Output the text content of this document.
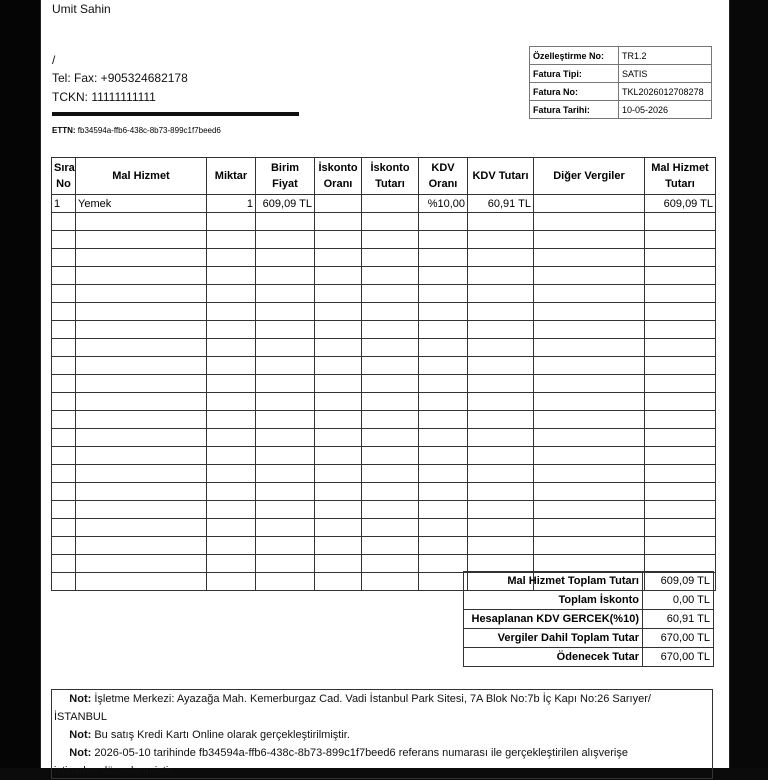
Umit Sahin
/
Tel: Fax: +905324682178
TCKN: 11111111111
ETTN: fb34594a-ffb6-438c-8b73-899c1f7beed6
Özelleştirme No:	TR1.2
Fatura Tipi:	SATIS
Fatura No:	TKL2026012708278
Fatura Tarihi:	10-05-2026
Sıra No	Mal Hizmet	Miktar	Birim Fiyat	İskonto Oranı	İskonto Tutarı	KDV Oranı	KDV Tutarı	Diğer Vergiler	Mal Hizmet Tutarı
1	Yemek	1	609,09 TL			%10,00	60,91 TL		609,09 TL

Mal Hizmet Toplam Tutarı	609,09 TL
Toplam İskonto	0,00 TL
Hesaplanan KDV GERCEK(%10)	60,91 TL
Vergiler Dahil Toplam Tutar	670,00 TL
Ödenecek Tutar	670,00 TL
Not: İşletme Merkezi: Ayazağa Mah. Kemerburgaz Cad. Vadi İstanbul Park Sitesi, 7A Blok No:7b İç Kapı No:26 Sarıyer/
İSTANBUL
Not: Bu satış Kredi Kartı Online olarak gerçekleştirilmiştir.
Not: 2026-05-10 tarihinde fb34594a-ffb6-438c-8b73-899c1f7beed6 referans numarası ile gerçekleştirilen alışverişe
istinaden düzenlenmiştir.
